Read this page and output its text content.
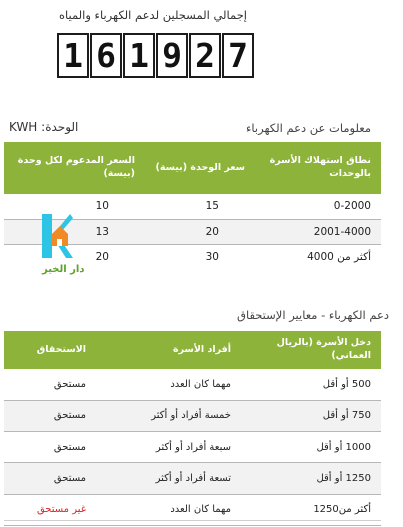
إجمالي المسجلين لدعم الكهرباء والمياه
1 6 1 9 2 7
معلومات عن دعم الكهرباء
الوحدة: KWH
نطاق استهلاك الأسرة بالوحدات	سعر الوحدة (بيسة)	السعر المدعوم لكل وحدة (بيسة)
0-2000	15	10
2001-4000	20	13
أكثر من 4000	30	20
دار الخير
دعم الكهرباء - معايير الإستحقاق
دخل الأسرة (بالريال العماني)	أفراد الأسرة	الاستحقاق
500 أو أقل	مهما كان العدد	مستحق
750 أو أقل	خمسة أفراد أو أكثر	مستحق
1000 أو أقل	سبعة أفراد أو أكثر	مستحق
1250 أو أقل	تسعة أفراد أو أكثر	مستحق
أكثر من1250	مهما كان العدد	غير مستحق
